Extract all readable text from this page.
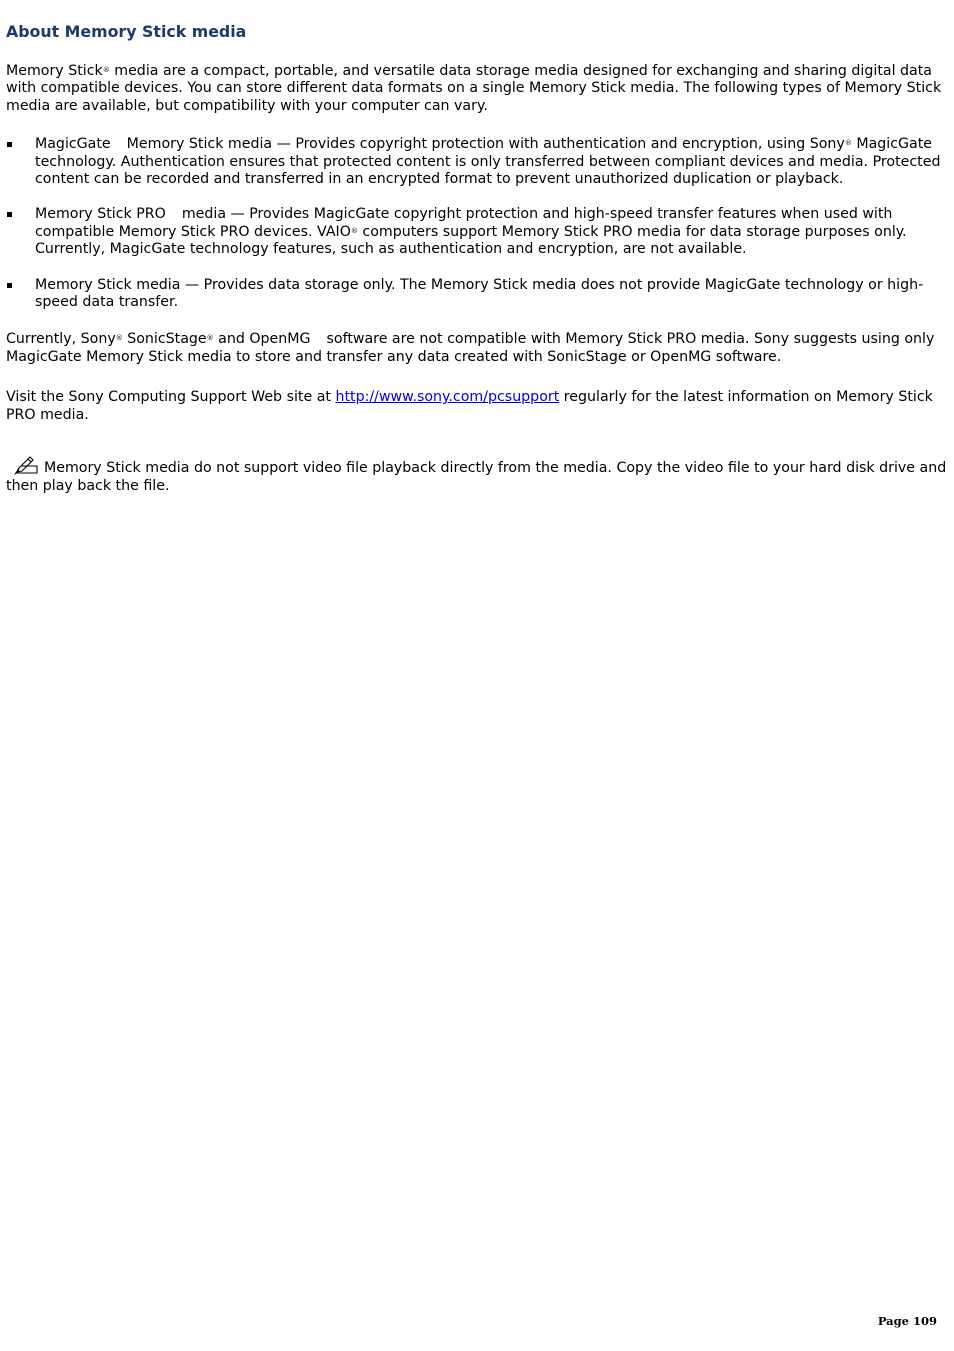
About Memory Stick media

Memory Stick® media are a compact, portable, and versatile data storage media designed for exchanging and sharing digital data with compatible devices. You can store different data formats on a single Memory Stick media. The following types of Memory Stick media are available, but compatibility with your computer can vary.

MagicGate Memory Stick media — Provides copyright protection with authentication and encryption, using Sony® MagicGate technology. Authentication ensures that protected content is only transferred between compliant devices and media. Protected content can be recorded and transferred in an encrypted format to prevent unauthorized duplication or playback.
Memory Stick PRO media — Provides MagicGate copyright protection and high-speed transfer features when used with compatible Memory Stick PRO devices. VAIO® computers support Memory Stick PRO media for data storage purposes only. Currently, MagicGate technology features, such as authentication and encryption, are not available.
Memory Stick media — Provides data storage only. The Memory Stick media does not provide MagicGate technology or high-speed data transfer.

Currently, Sony® SonicStage® and OpenMG software are not compatible with Memory Stick PRO media. Sony suggests using only MagicGate Memory Stick media to store and transfer any data created with SonicStage or OpenMG software.

Visit the Sony Computing Support Web site at http://www.sony.com/pcsupport regularly for the latest information on Memory Stick PRO media.

Memory Stick media do not support video file playback directly from the media. Copy the video file to your hard disk drive and then play back the file.

Page 109
